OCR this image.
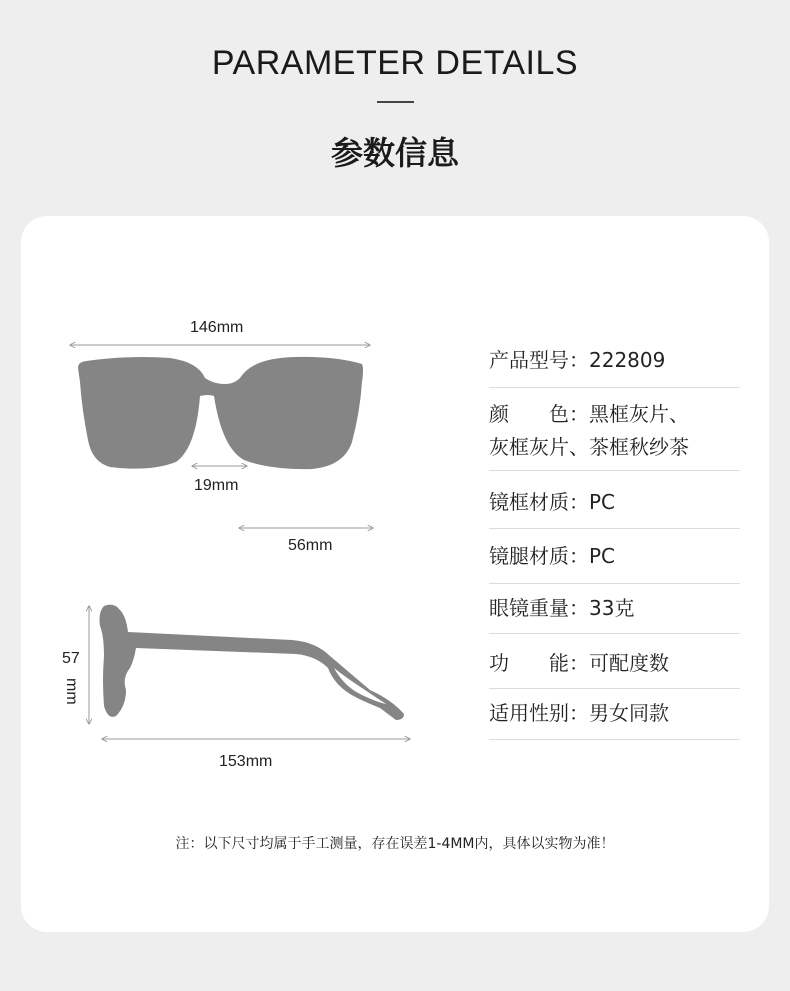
PARAMETER DETAILS
参数信息
146mm
19mm
56mm
57
mm
153mm
产品型号：222809
颜　　色：黑框灰片、
灰框灰片、茶框秋纱茶
镜框材质：PC
镜腿材质：PC
眼镜重量：33克
功　　能：可配度数
适用性别：男女同款
注：以下尺寸均属于手工测量，存在误差1-4MM内，具体以实物为准！
